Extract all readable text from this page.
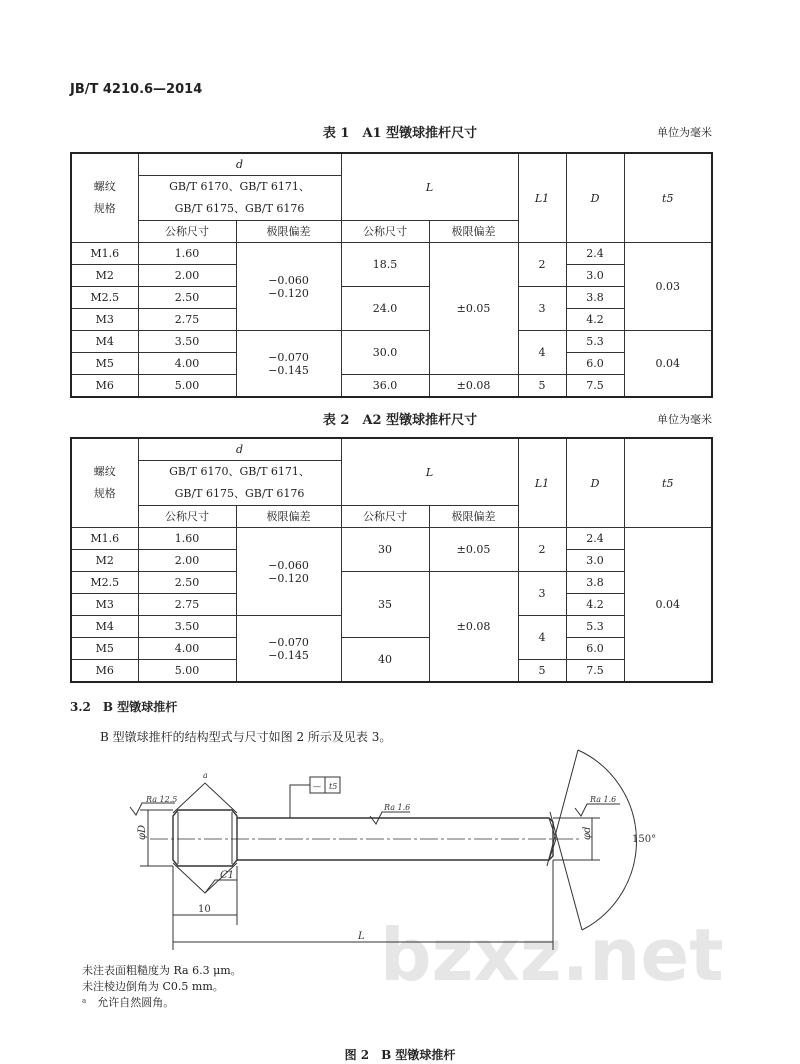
JB/T 4210.6—2014
表 1　A1 型镦球推杆尺寸	单位为毫米
螺纹
规格	d		L		L1	D	t5
	GB/T 6170、GB/T 6171、
GB/T 6175、GB/T 6176						
	公称尺寸	极限偏差	公称尺寸	极限偏差			
M1.6	1.60	−0.060
−0.120	18.5	±0.05	2	2.4	0.03
M2	2.00					3.0	
M2.5	2.50		24.0		3	3.8	
M3	2.75					4.2	
M4	3.50	−0.070
−0.145	30.0		4	5.3	0.04
M5	4.00					6.0	
M6	5.00		36.0	±0.08	5	7.5	
表 2　A2 型镦球推杆尺寸	单位为毫米
螺纹
规格	d		L		L1	D	t5
	GB/T 6170、GB/T 6171、
GB/T 6175、GB/T 6176						
	公称尺寸	极限偏差	公称尺寸	极限偏差			
M1.6	1.60	−0.060
−0.120	30	±0.05	2	2.4	0.04
M2	2.00					3.0	
M2.5	2.50		35	±0.08	3	3.8	
M3	2.75					4.2	
M4	3.50	−0.070
−0.145			4	5.3	
M5	4.00		40			6.0	
M6	5.00				5	7.5	
3.2　B 型镦球推杆
B 型镦球推杆的结构型式与尺寸如图 2 所示及见表 3。
bzxz.net
a
Ra 12.5
Ra 1.6
Ra 1.6
— t5
φD	φd
C1
10
L
150°
未注表面粗糙度为 Ra 6.3 μm。
未注棱边倒角为 C0.5 mm。
ᵃ　允许自然圆角。
图 2　B 型镦球推杆
